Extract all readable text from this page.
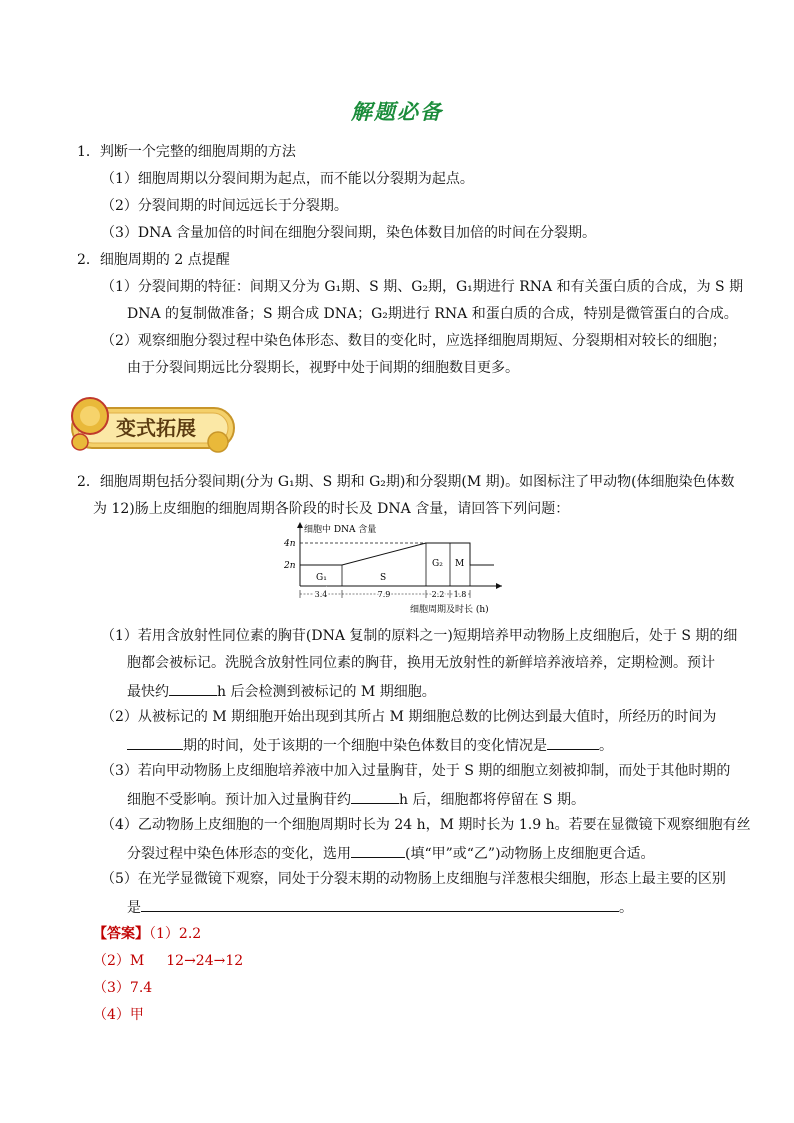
解题必备
1．判断一个完整的细胞周期的方法
（1）细胞周期以分裂间期为起点，而不能以分裂期为起点。
（2）分裂间期的时间远远长于分裂期。
（3）DNA 含量加倍的时间在细胞分裂间期，染色体数目加倍的时间在分裂期。
2．细胞周期的 2 点提醒
（1）分裂间期的特征：间期又分为 G₁期、S 期、G₂期，G₁期进行 RNA 和有关蛋白质的合成，为 S 期
DNA 的复制做准备；S 期合成 DNA；G₂期进行 RNA 和蛋白质的合成，特别是微管蛋白的合成。
（2）观察细胞分裂过程中染色体形态、数目的变化时，应选择细胞周期短、分裂期相对较长的细胞；
由于分裂间期远比分裂期长，视野中处于间期的细胞数目更多。
变式拓展
2．细胞周期包括分裂间期(分为 G₁期、S 期和 G₂期)和分裂期(M 期)。如图标注了甲动物(体细胞染色体数
为 12)肠上皮细胞的细胞周期各阶段的时长及 DNA 含量，请回答下列问题：
细胞中 DNA 含量
4n
2n
G₁	S
G₂ M
3.4	7.9	2.2 1.8
细胞周期及时长 (h)
（1）若用含放射性同位素的胸苷(DNA 复制的原料之一)短期培养甲动物肠上皮细胞后，处于 S 期的细
胞都会被标记。洗脱含放射性同位素的胸苷，换用无放射性的新鲜培养液培养，定期检测。预计
最快约	h 后会检测到被标记的 M 期细胞。
（2）从被标记的 M 期细胞开始出现到其所占 M 期细胞总数的比例达到最大值时，所经历的时间为
期的时间，处于该期的一个细胞中染色体数目的变化情况是	。
（3）若向甲动物肠上皮细胞培养液中加入过量胸苷，处于 S 期的细胞立刻被抑制，而处于其他时期的
细胞不受影响。预计加入过量胸苷约	h 后，细胞都将停留在 S 期。
（4）乙动物肠上皮细胞的一个细胞周期时长为 24 h，M 期时长为 1.9 h。若要在显微镜下观察细胞有丝
分裂过程中染色体形态的变化，选用	(填“甲”或“乙”)动物肠上皮细胞更合适。
（5）在光学显微镜下观察，同处于分裂末期的动物肠上皮细胞与洋葱根尖细胞，形态上最主要的区别
是	。
【答案】（1）2.2
（2）M 12→24→12
（3）7.4
（4）甲
